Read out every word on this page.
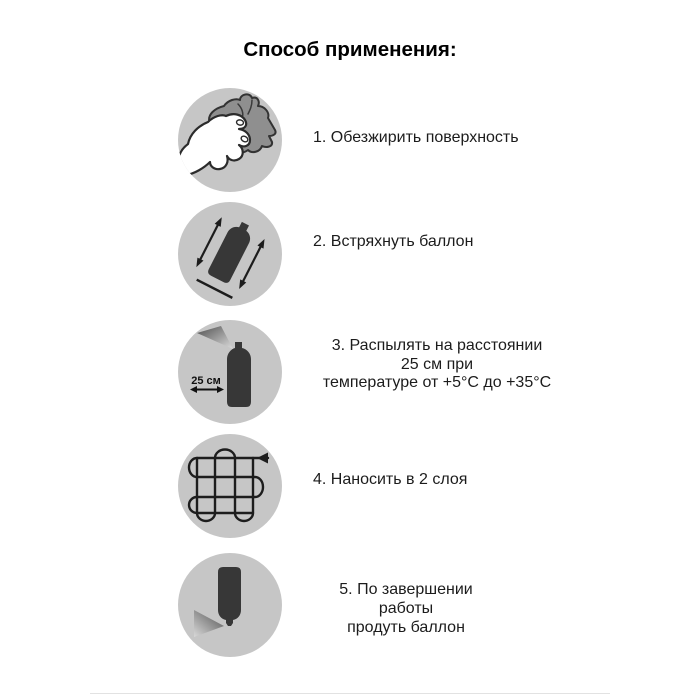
Способ применения:
25 см
1. Обезжирить поверхность
2. Встряхнуть баллон
3. Распылять на расстоянии
25 см при
температуре от +5°С до +35°С
4. Наносить в 2 слоя
5. По завершении работы
продуть баллон
